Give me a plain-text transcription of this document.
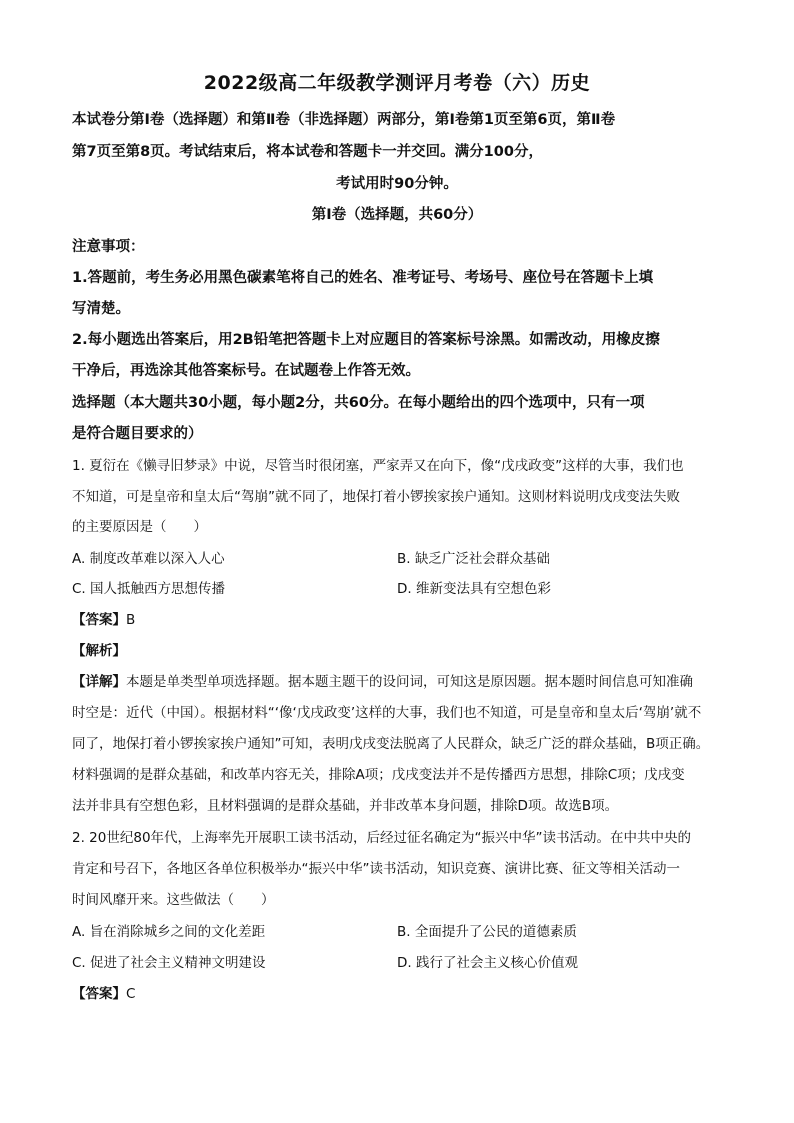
2022级高二年级教学测评月考卷（六）历史
本试卷分第Ⅰ卷（选择题）和第Ⅱ卷（非选择题）两部分，第Ⅰ卷第1页至第6页，第Ⅱ卷
第7页至第8页。考试结束后，将本试卷和答题卡一并交回。满分100分，
考试用时90分钟。
第Ⅰ卷（选择题，共60分）
注意事项：
1.答题前，考生务必用黑色碳素笔将自己的姓名、准考证号、考场号、座位号在答题卡上填
写清楚。
2.每小题选出答案后，用2B铅笔把答题卡上对应题目的答案标号涂黑。如需改动，用橡皮擦
干净后，再选涂其他答案标号。在试题卷上作答无效。
选择题（本大题共30小题，每小题2分，共60分。在每小题给出的四个选项中，只有一项
是符合题目要求的）
1. 夏衍在《懒寻旧梦录》中说，尽管当时很闭塞，严家弄又在向下，像“戊戌政变”这样的大事，我们也
不知道，可是皇帝和皇太后“驾崩”就不同了，地保打着小锣挨家挨户通知。这则材料说明戊戌变法失败
的主要原因是（　　）
A. 制度改革难以深入人心	B. 缺乏广泛社会群众基础
C. 国人抵触西方思想传播	D. 维新变法具有空想色彩
【答案】B
【解析】
【详解】本题是单类型单项选择题。据本题主题干的设问词，可知这是原因题。据本题时间信息可知准确
时空是：近代（中国）。根据材料“‘像‘戊戌政变’这样的大事，我们也不知道，可是皇帝和皇太后‘驾崩’就不
同了，地保打着小锣挨家挨户通知”可知，表明戊戌变法脱离了人民群众，缺乏广泛的群众基础，B项正确。
材料强调的是群众基础，和改革内容无关，排除A项；戊戌变法并不是传播西方思想，排除C项；戊戌变
法并非具有空想色彩，且材料强调的是群众基础，并非改革本身问题，排除D项。故选B项。
2. 20世纪80年代，上海率先开展职工读书活动，后经过征名确定为“振兴中华”读书活动。在中共中央的
肯定和号召下，各地区各单位积极举办“振兴中华”读书活动，知识竞赛、演讲比赛、征文等相关活动一
时间风靡开来。这些做法（　　）
A. 旨在消除城乡之间的文化差距	B. 全面提升了公民的道德素质
C. 促进了社会主义精神文明建设	D. 践行了社会主义核心价值观
【答案】C
